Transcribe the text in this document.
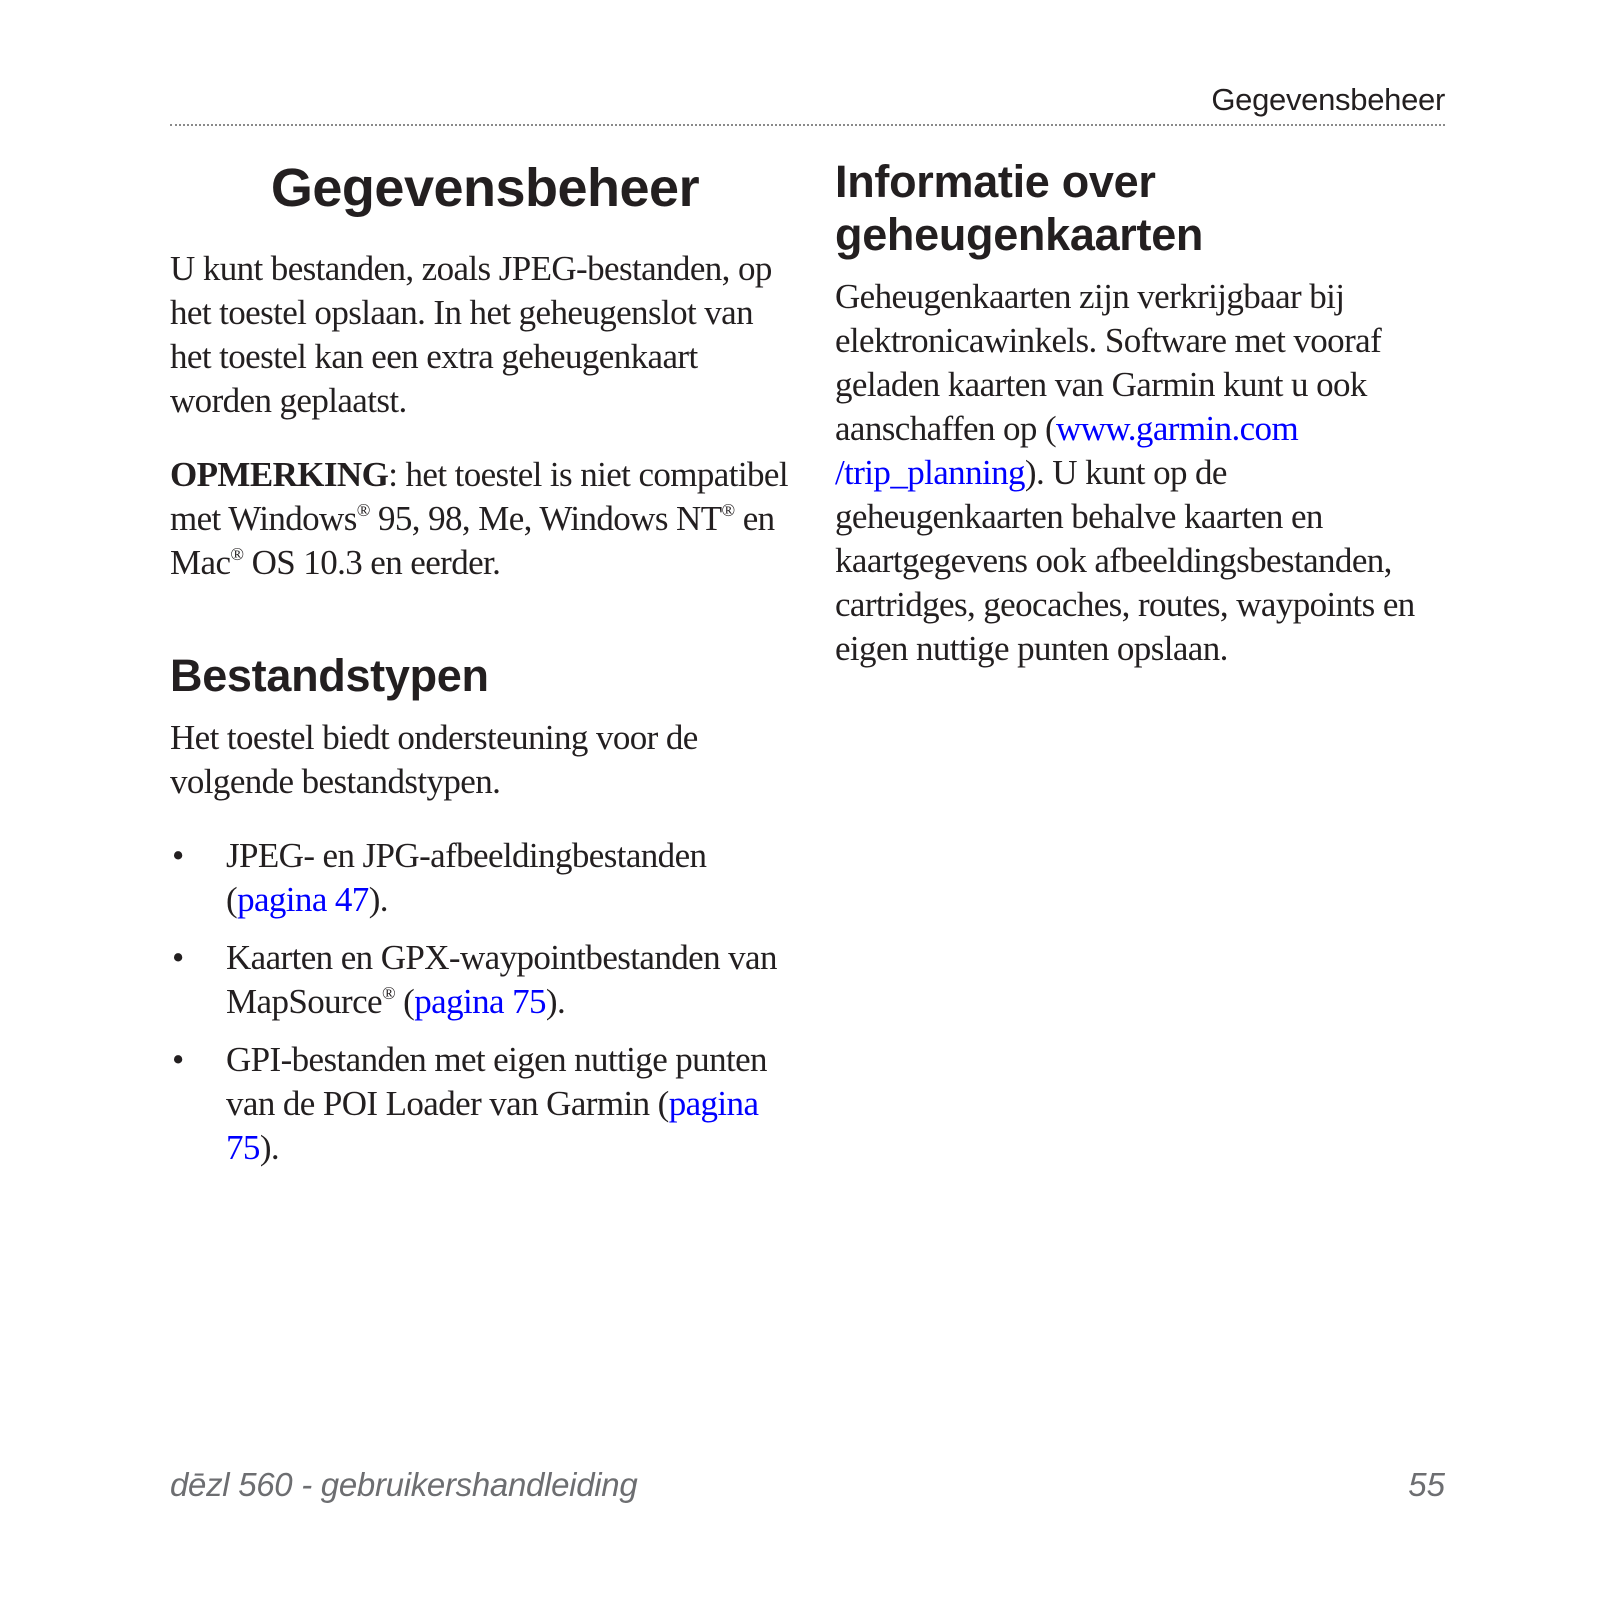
Gegevensbeheer
Gegevensbeheer

U kunt bestanden, zoals JPEG-bestanden, op het toestel opslaan. In het geheugenslot van het toestel kan een extra geheugenkaart worden geplaatst.

OPMERKING: het toestel is niet compatibel met Windows® 95, 98, Me, Windows NT® en Mac® OS 10.3 en eerder.

Bestandstypen

Het toestel biedt ondersteuning voor de volgende bestandstypen.

• JPEG- en JPG-afbeeldingbestanden (pagina 47).
• Kaarten en GPX-waypointbestanden van MapSource® (pagina 75).
• GPI-bestanden met eigen nuttige punten van de POI Loader van Garmin (pagina 75).
Informatie over geheugenkaarten

Geheugenkaarten zijn verkrijgbaar bij elektronicawinkels. Software met vooraf geladen kaarten van Garmin kunt u ook aanschaffen op (www.garmin.com
/trip_planning). U kunt op de geheugenkaarten behalve kaarten en kaartgegevens ook afbeeldingsbestanden, cartridges, geocaches, routes, waypoints en eigen nuttige punten opslaan.

dēzl 560 - gebruikershandleiding	55
